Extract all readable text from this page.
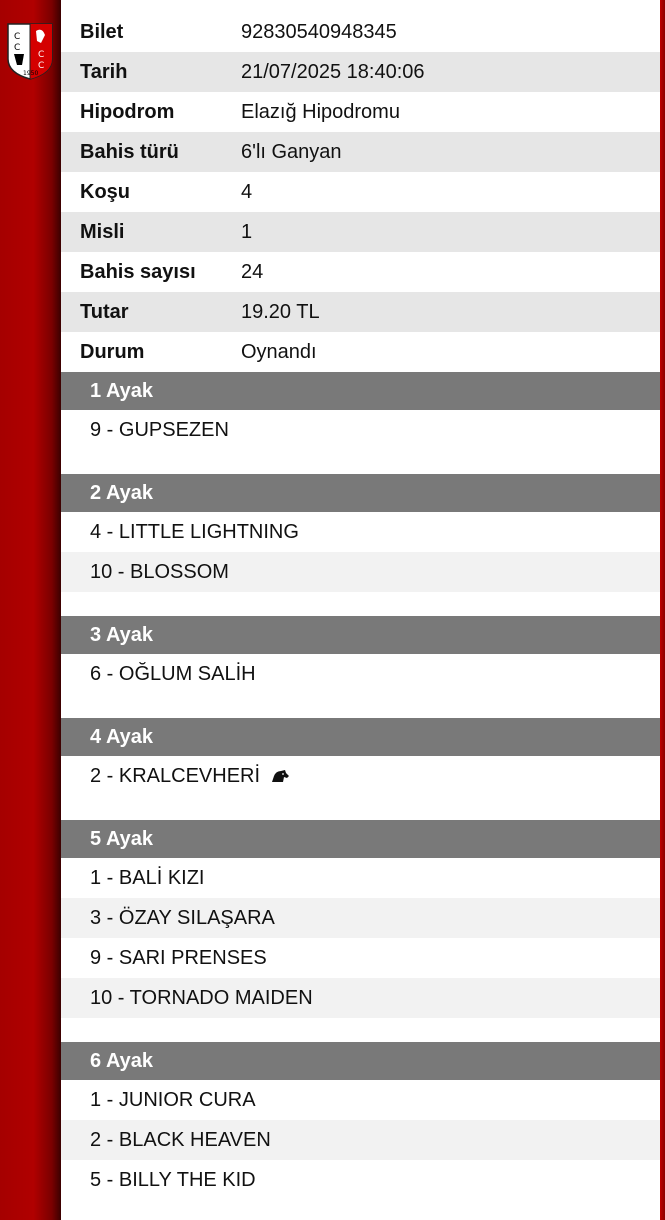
C
C
C
C
1950
Bilet	92830540948345
Tarih	21/07/2025 18:40:06
Hipodrom	Elazığ Hipodromu
Bahis türü	6'lı Ganyan
Koşu	4
Misli	1
Bahis sayısı	24
Tutar	19.20 TL
Durum	Oynandı
1 Ayak
9 - GUPSEZEN
2 Ayak
4 - LITTLE LIGHTNING
10 - BLOSSOM
3 Ayak
6 - OĞLUM SALİH
4 Ayak
2 - KRALCEVHERİ
5 Ayak
1 - BALİ KIZI
3 - ÖZAY SILAŞARA
9 - SARI PRENSES
10 - TORNADO MAIDEN
6 Ayak
1 - JUNIOR CURA
2 - BLACK HEAVEN
5 - BILLY THE KID
